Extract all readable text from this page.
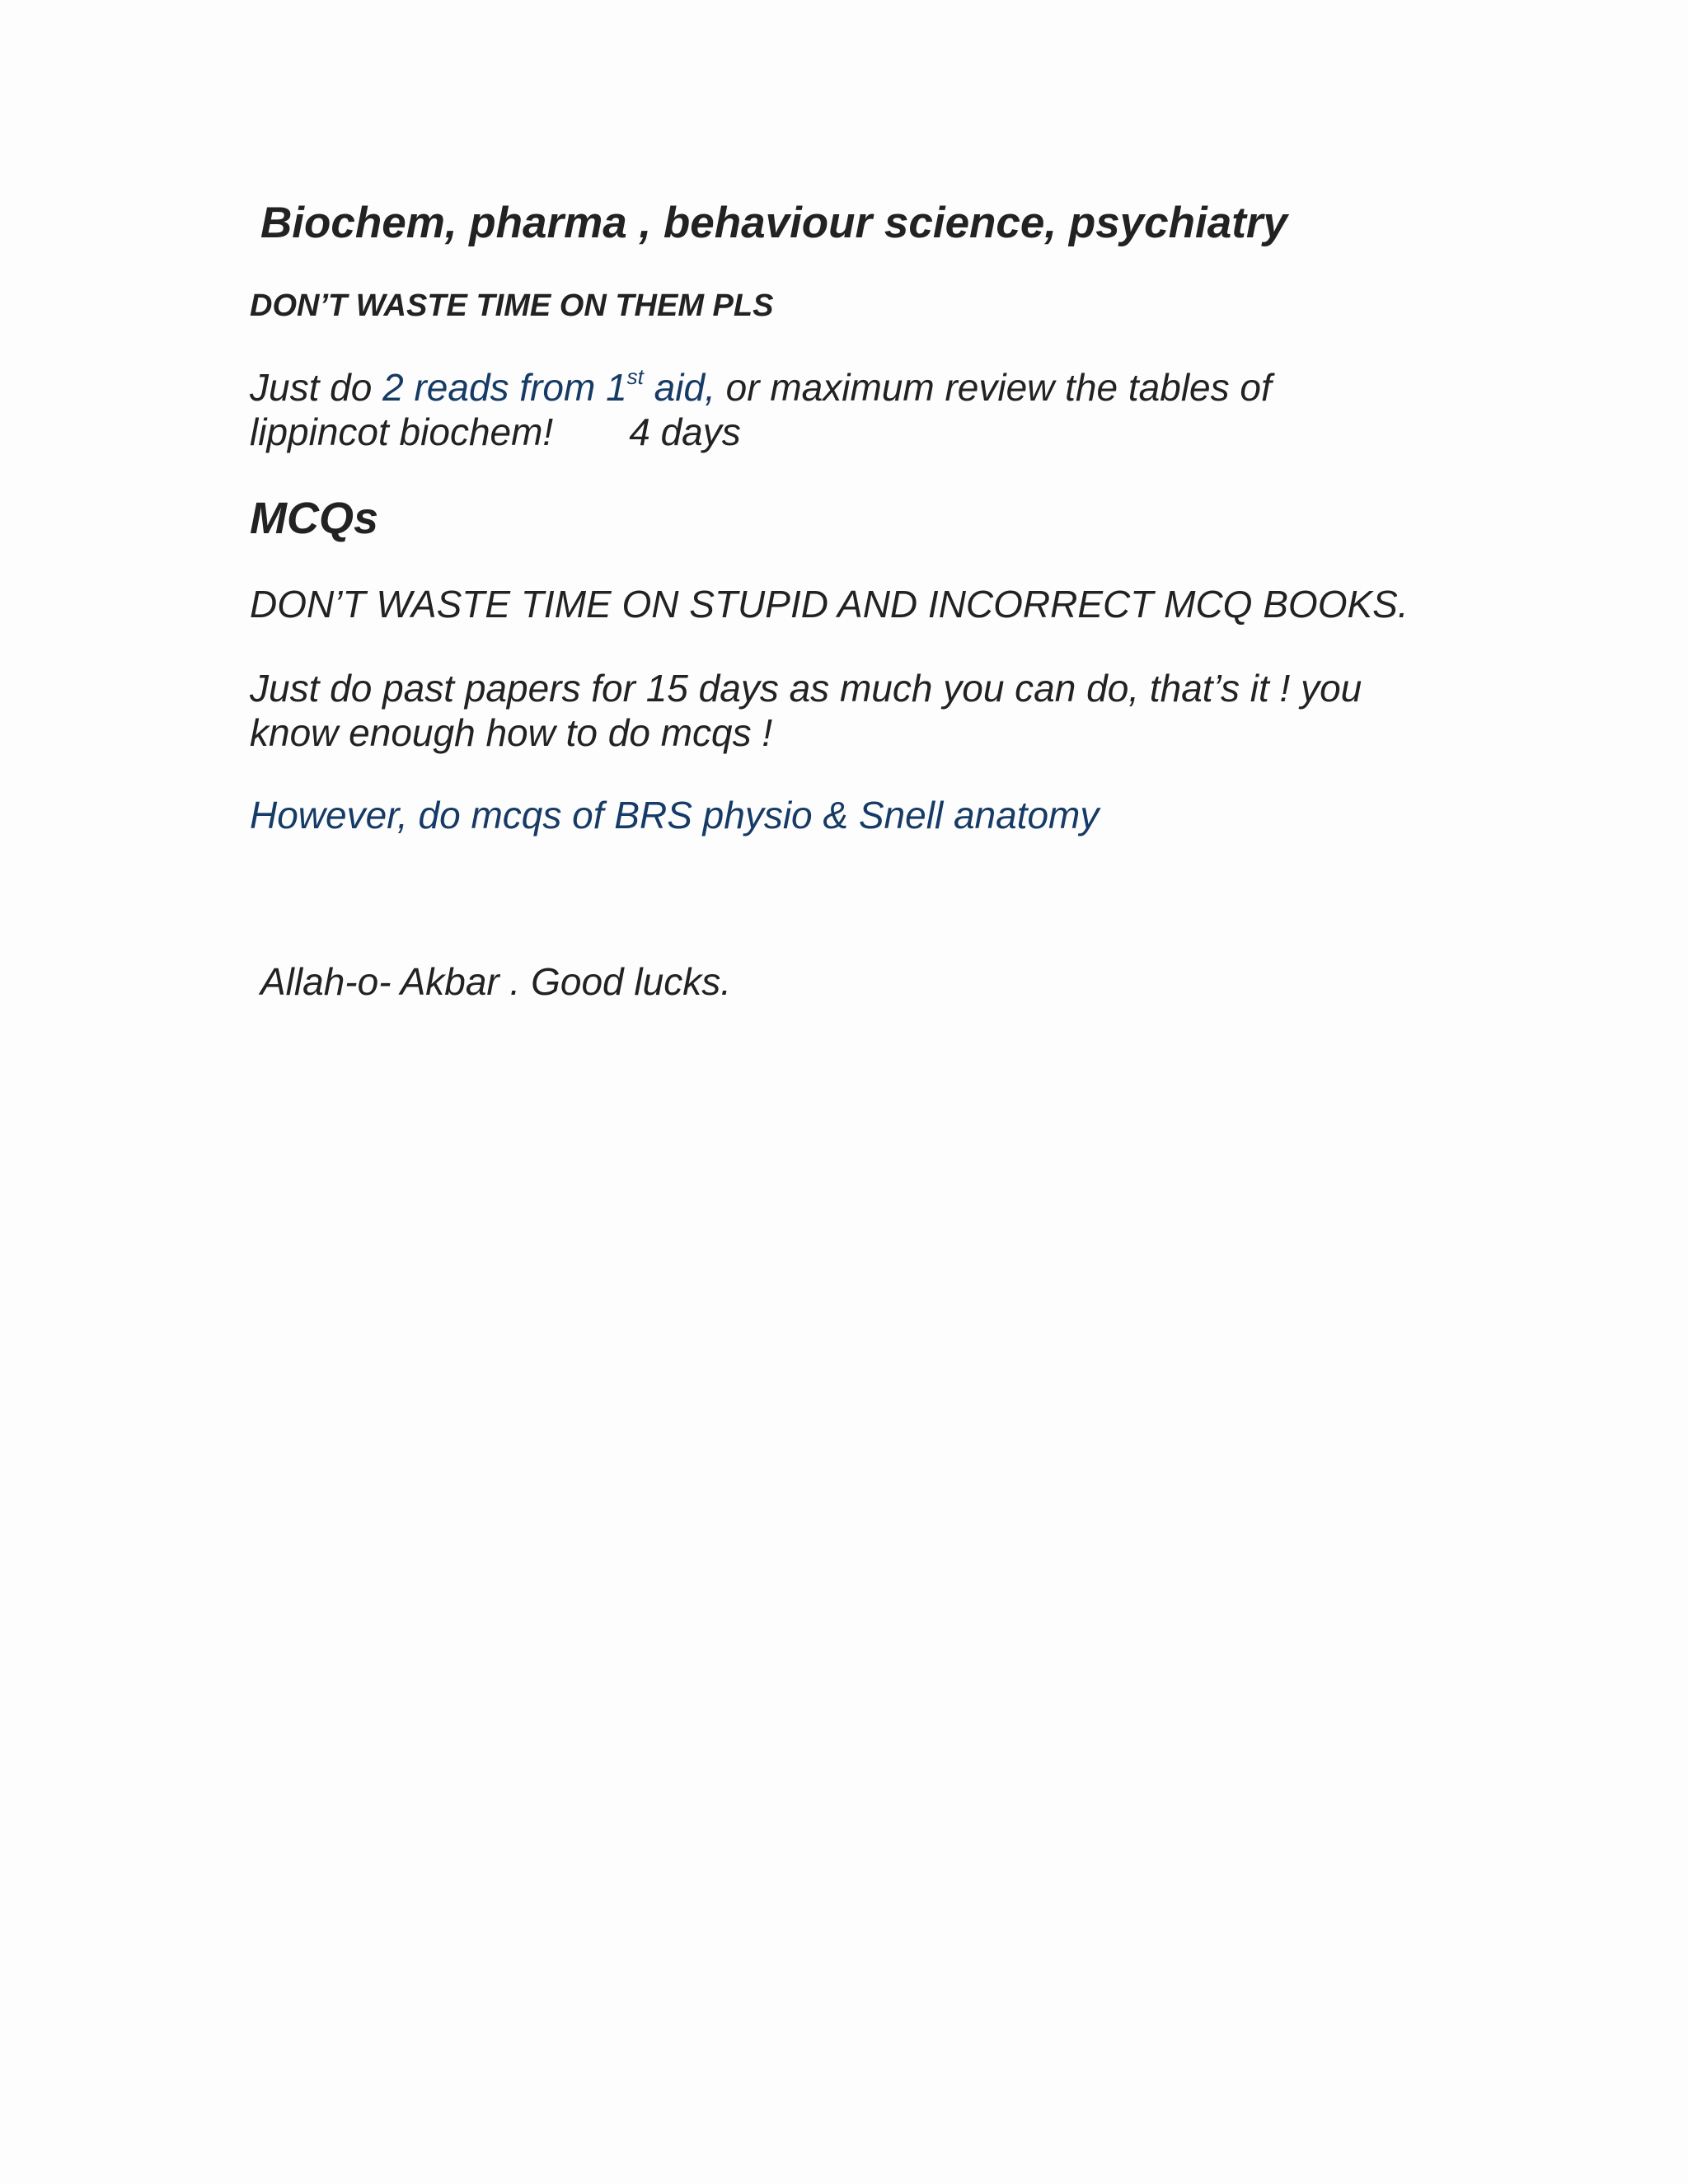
Biochem, pharma , behaviour science, psychiatry
DON’T WASTE TIME ON THEM PLS

Just do 2 reads from 1st aid, or maximum review the tables of

lippincot biochem! 4 days

MCQs

DON’T WASTE TIME ON STUPID AND INCORRECT MCQ BOOKS.

Just do past papers for 15 days as much you can do, that’s it ! you

know enough how to do mcqs !

However, do mcqs of BRS physio & Snell anatomy

Allah-o- Akbar . Good lucks.
